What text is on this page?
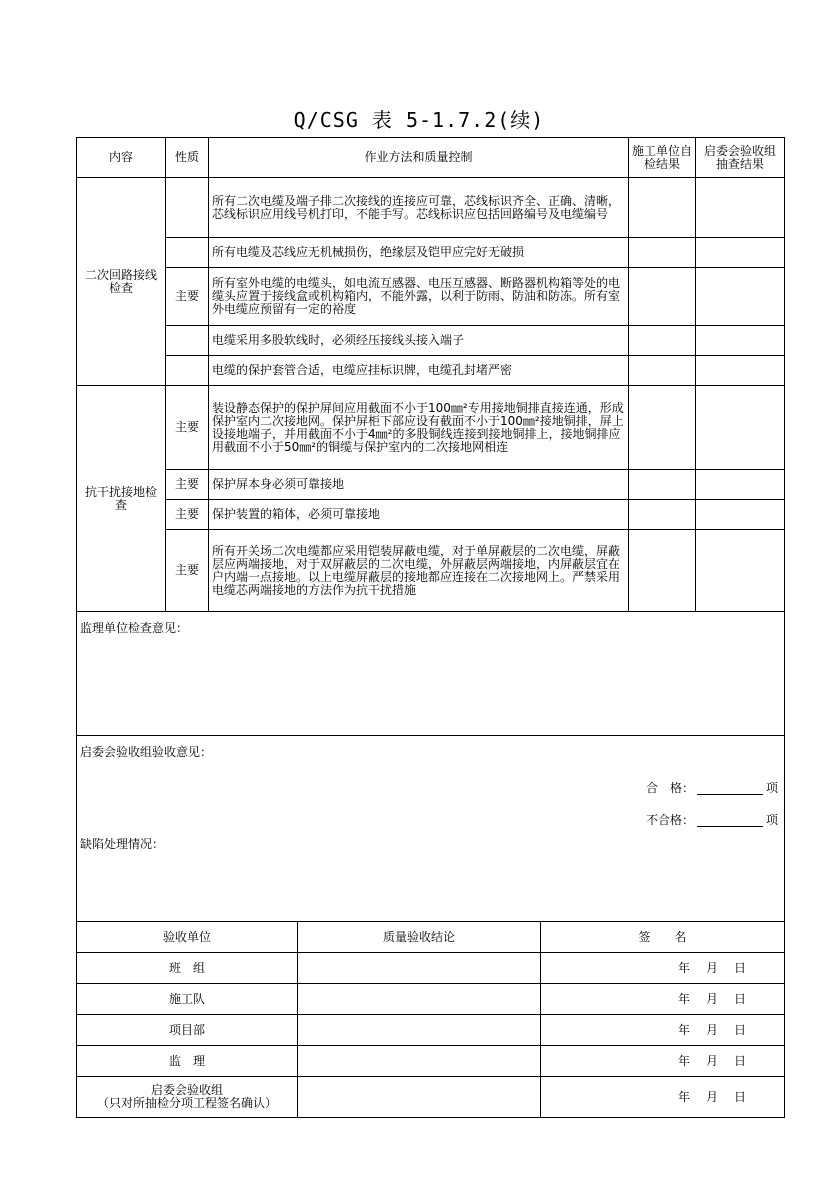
Q/CSG 表 5-1.7.2(续)
内容	性质	作业方法和质量控制	施工单位自检结果	启委会验收组抽查结果
二次回路接线检查		所有二次电缆及端子排二次接线的连接应可靠，芯线标识齐全、正确、清晰，芯线标识应用线号机打印，不能手写。芯线标识应包括回路编号及电缆编号		
		所有电缆及芯线应无机械损伤，绝缘层及铠甲应完好无破损		
	主要	所有室外电缆的电缆头，如电流互感器、电压互感器、断路器机构箱等处的电缆头应置于接线盒或机构箱内，不能外露，以利于防雨、防油和防冻。所有室外电缆应预留有一定的裕度		
		电缆采用多股软线时，必须经压接线头接入端子		
		电缆的保护套管合适，电缆应挂标识牌，电缆孔封堵严密		
抗干扰接地检查	主要	装设静态保护的保护屏间应用截面不小于100㎜²专用接地铜排直接连通，形成保护室内二次接地网。保护屏柜下部应设有截面不小于100㎜²接地铜排，屏上设接地端子，并用截面不小于4㎜²的多股铜线连接到接地铜排上，接地铜排应用截面不小于50㎜²的铜缆与保护室内的二次接地网相连		
	主要	保护屏本身必须可靠接地		
	主要	保护装置的箱体，必须可靠接地		
	主要	所有开关场二次电缆都应采用铠装屏蔽电缆，对于单屏蔽层的二次电缆，屏蔽层应两端接地，对于双屏蔽层的二次电缆，外屏蔽层两端接地，内屏蔽层宜在户内端一点接地。以上电缆屏蔽层的接地都应连接在二次接地网上。严禁采用电缆芯两端接地的方法作为抗干扰措施		
监理单位检查意见：				

启委会验收组验收意见：
合　格： 项
不合格： 项
缺陷处理情况：				
验收单位	质量验收结论	签　　名
班　组		年 月 日
施工队		年 月 日
项目部		年 月 日
监　理		年 月 日

启委会验收组
（只对所抽检分项工程签名确认）		年 月 日
